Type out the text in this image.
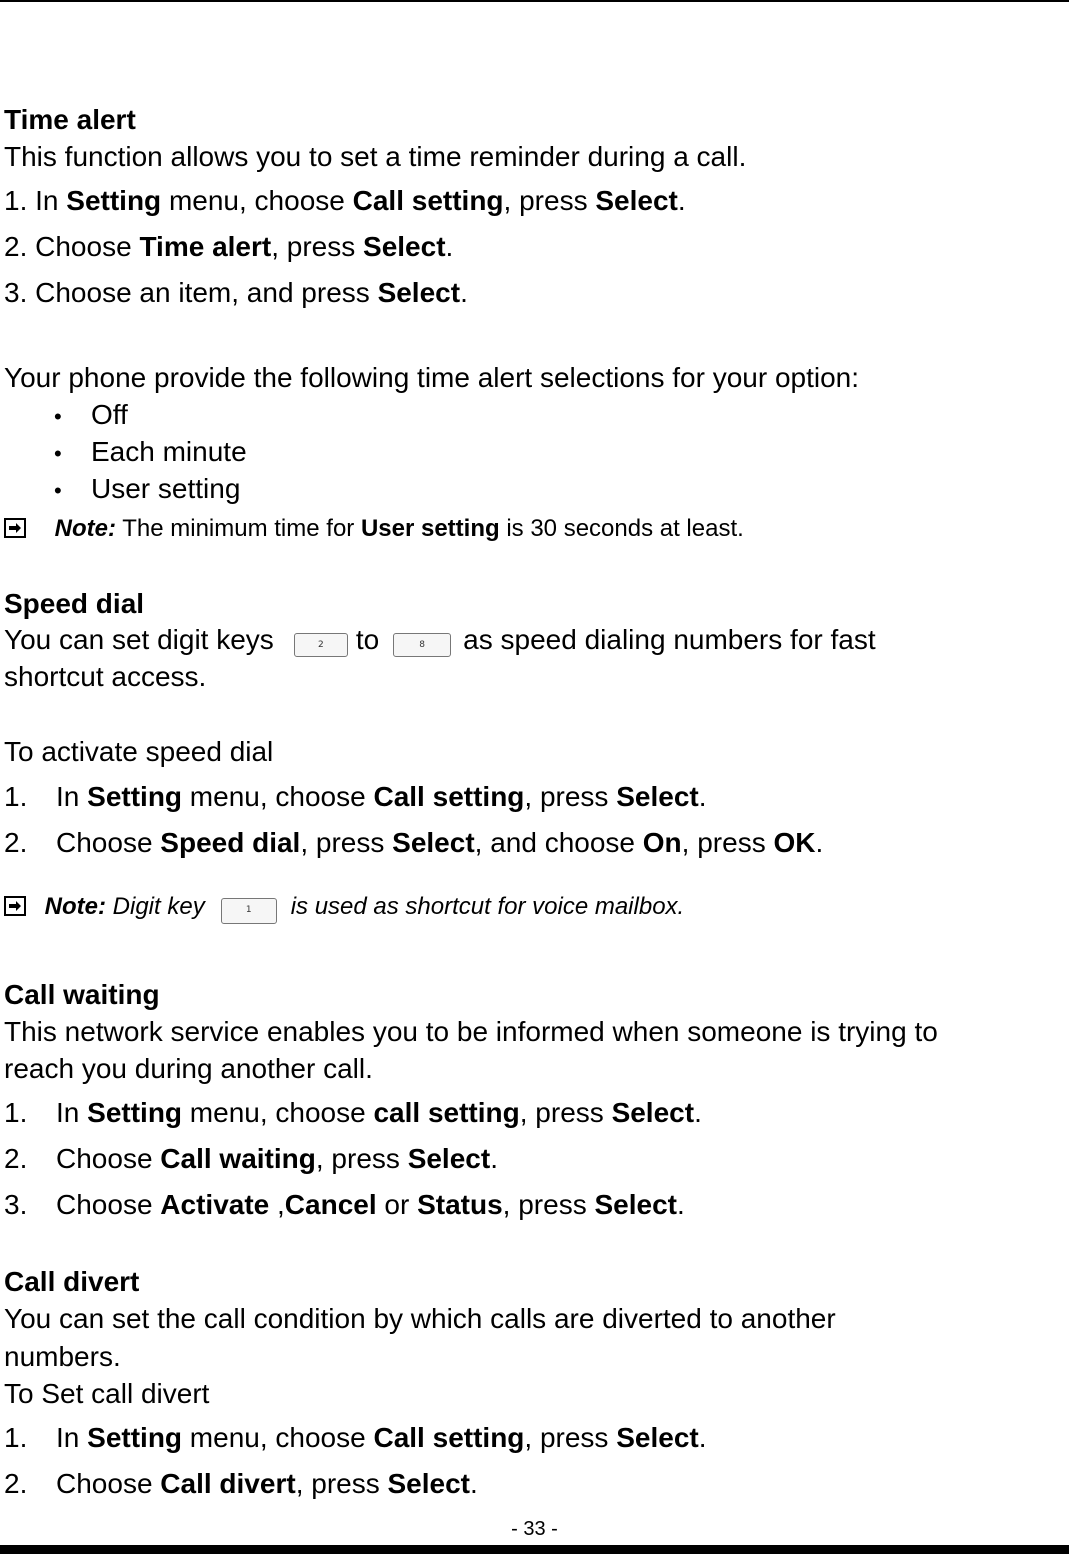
Time alert
This function allows you to set a time reminder during a call.
1. In Setting menu, choose Call setting, press Select.
2. Choose Time alert, press Select.
3. Choose an item, and press Select.
Your phone provide the following time alert selections for your option:
• Off
• Each minute
• User setting
Note: The minimum time for User setting is 30 seconds at least.
Speed dial
You can set digit keys	2 to	8 as speed dialing numbers for fast
shortcut access.
To activate speed dial
1. In Setting menu, choose Call setting, press Select.
2. Choose Speed dial, press Select, and choose On, press OK.
Note: Digit key	1 is used as shortcut for voice mailbox.
Call waiting
This network service enables you to be informed when someone is trying to
reach you during another call.
1. In Setting menu, choose call setting, press Select.
2. Choose Call waiting, press Select.
3. Choose Activate ,Cancel or Status, press Select.
Call divert
You can set the call condition by which calls are diverted to another
numbers.
To Set call divert
1. In Setting menu, choose Call setting, press Select.
2. Choose Call divert, press Select.
- 33 -
